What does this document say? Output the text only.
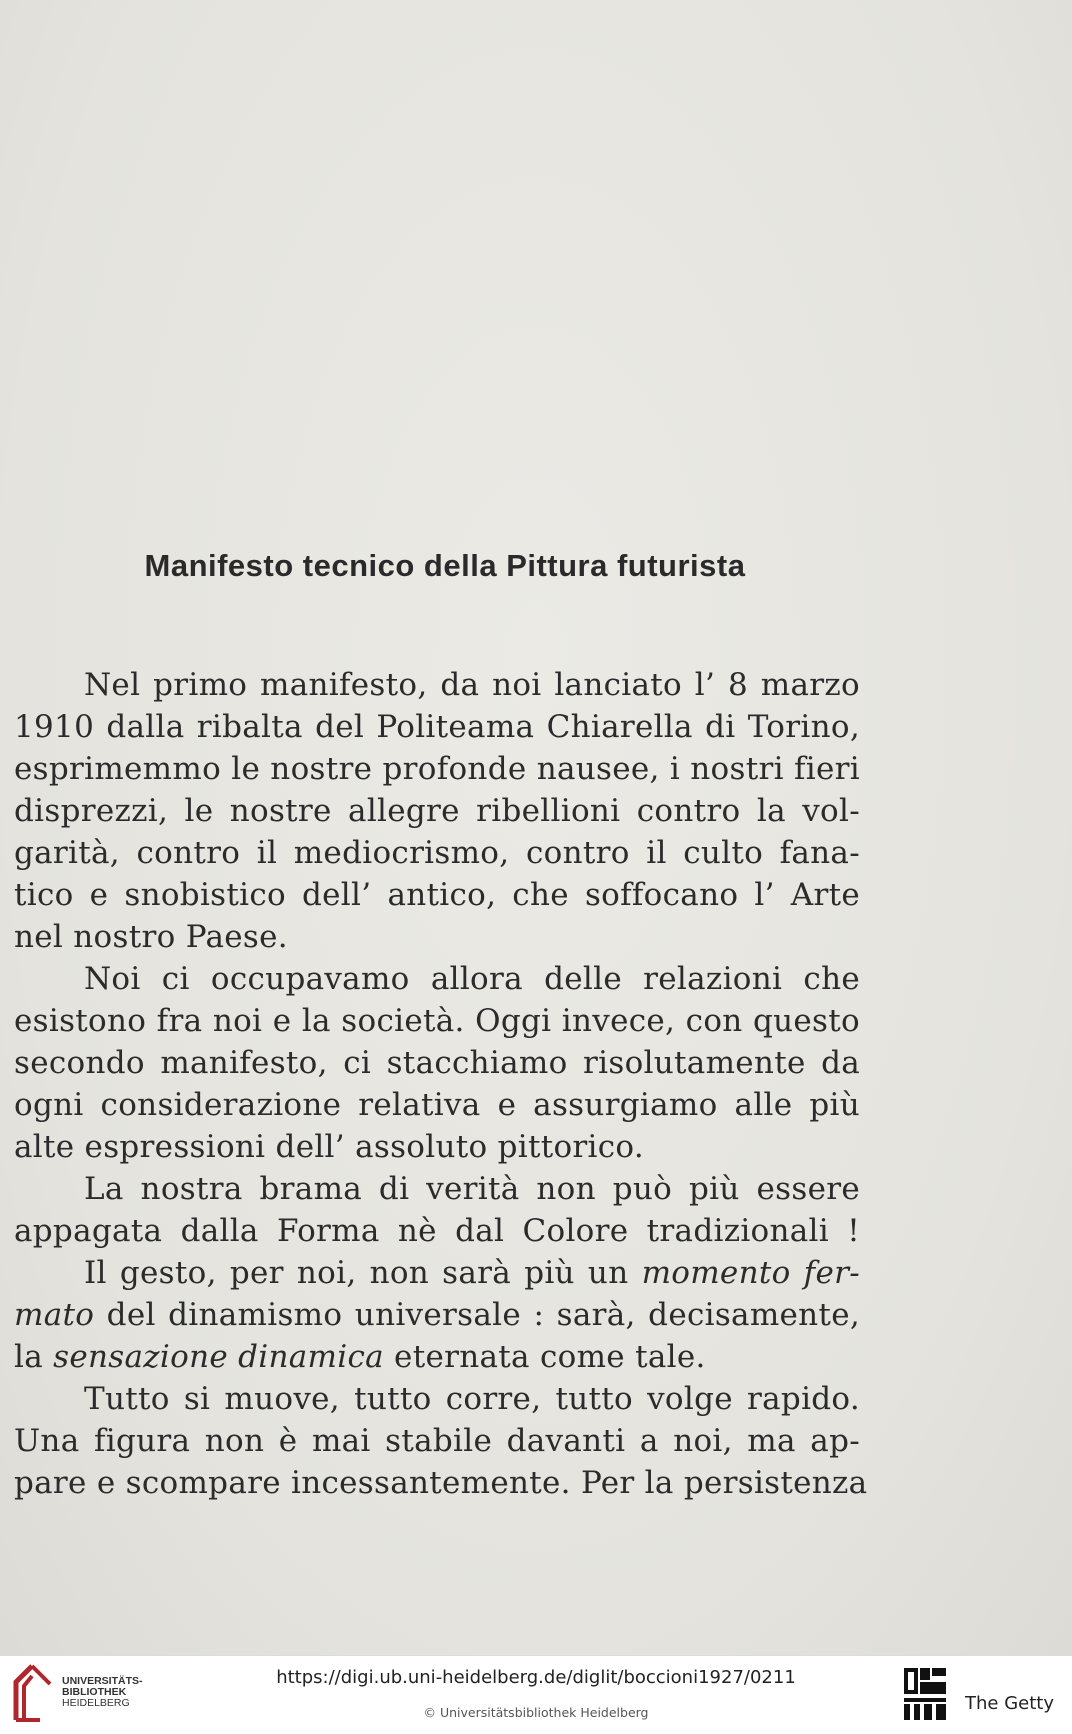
Manifesto tecnico della Pittura futurista
Nel primo manifesto, da noi lanciato l’ 8 marzo
1910 dalla ribalta del Politeama Chiarella di Torino,
esprimemmo le nostre profonde nausee, i nostri fieri
disprezzi, le nostre allegre ribellioni contro la vol-
garità, contro il mediocrismo, contro il culto fana-
tico e snobistico dell’ antico, che soffocano l’ Arte
nel nostro Paese.
Noi ci occupavamo allora delle relazioni che
esistono fra noi e la società. Oggi invece, con questo
secondo manifesto, ci stacchiamo risolutamente da
ogni considerazione relativa e assurgiamo alle più
alte espressioni dell’ assoluto pittorico.
La nostra brama di verità non può più essere
appagata dalla Forma nè dal Colore tradizionali !
Il gesto, per noi, non sarà più un momento fer-
mato del dinamismo universale : sarà, decisamente,
la sensazione dinamica eternata come tale.
Tutto si muove, tutto corre, tutto volge rapido.
Una figura non è mai stabile davanti a noi, ma ap-
pare e scompare incessantemente. Per la persistenza
UNIVERSITÄTS-
BIBLIOTHEK
HEIDELBERG
https://digi.ub.uni-heidelberg.de/diglit/boccioni1927/0211
© Universitätsbibliothek Heidelberg	The Getty
